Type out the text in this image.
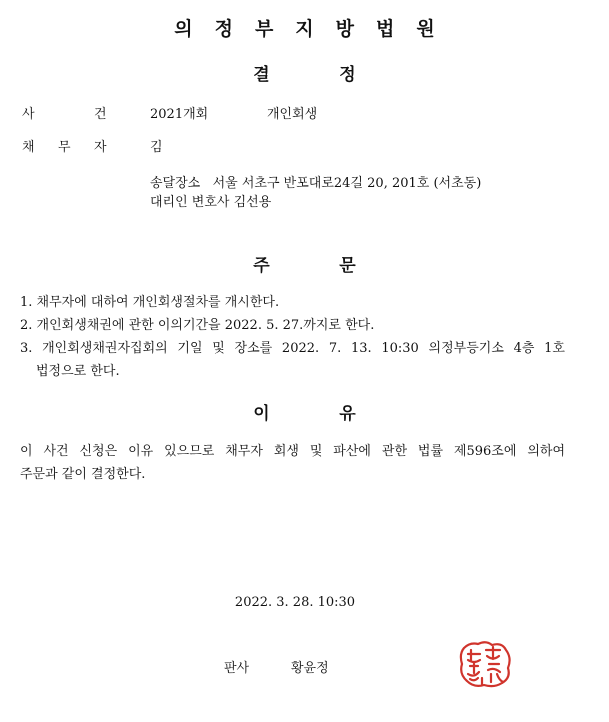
의정부지방법원
결	정
사	건	2021개회	개인회생
채 무 자	김
송달장소   서울 서초구 반포대로24길 20, 201호 (서초동)
대리인 변호사 김선용
주	문
1. 채무자에 대하여 개인회생절차를 개시한다.
2. 개인회생채권에 관한 이의기간을 2022. 5. 27.까지로 한다.
3. 개인회생채권자집회의 기일 및 장소를 2022. 7. 13. 10:30 의정부등기소 4층 1호
법정으로 한다.
이	유
이 사건 신청은 이유 있으므로 채무자 회생 및 파산에 관한 법률 제596조에 의하여
주문과 같이 결정한다.
2022. 3. 28. 10:30
판사	황윤정
